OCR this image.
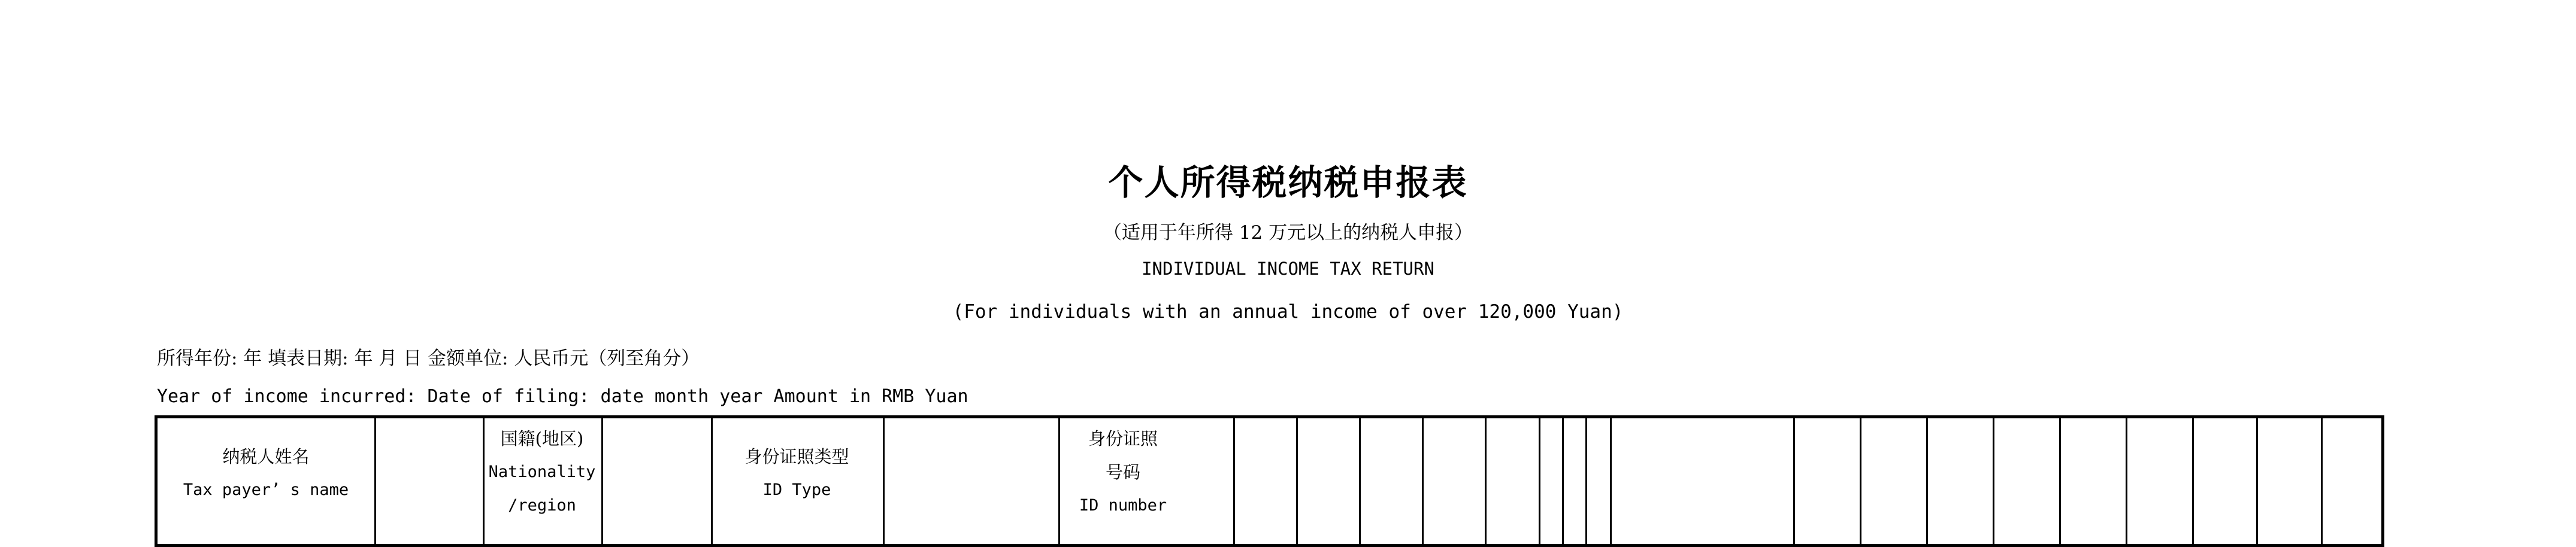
个人所得税纳税申报表
（适用于年所得 12 万元以上的纳税人申报）
INDIVIDUAL INCOME TAX RETURN
(For individuals with an annual income of over 120,000 Yuan)
所得年份: 年 填表日期: 年 月 日 金额单位: 人民币元（列至角分）
Year of income incurred: Date of filing: date month year Amount in RMB Yuan
纳税人姓名
Tax payer’ s name
国籍(地区)
Nationality
/region
身份证照类型
ID Type
身份证照
号码
ID number
